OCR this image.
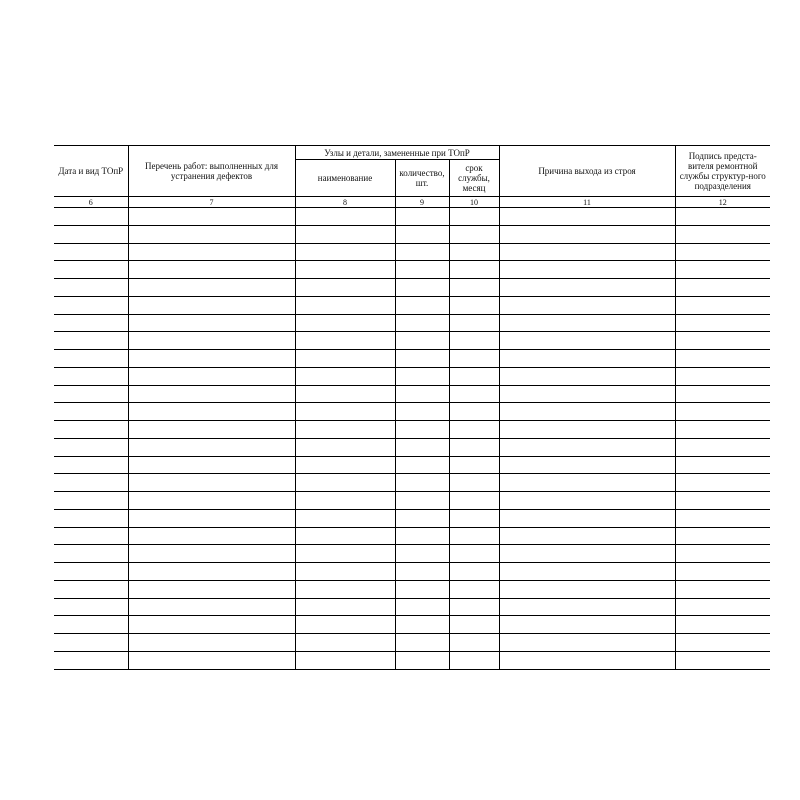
Дата и вид ТОпР	Перечень работ: выполненных для устранения дефектов	Узлы и детали, замененные при ТОпР			Причина выхода из строя	Подпись предста-вителя ремонтной службы структур-ного подразделения

		наименование	количество, шт.	срок службы, месяц		

6	7	8	9	10	11	12
